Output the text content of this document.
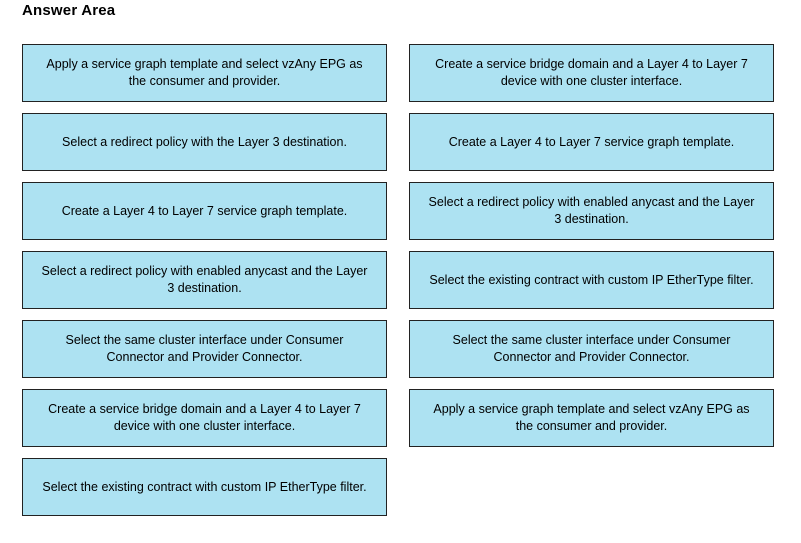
Answer Area
Apply a service graph template and select vzAny EPG as the consumer and provider.
Select a redirect policy with the Layer 3 destination.
Create a Layer 4 to Layer 7 service graph template.
Select a redirect policy with enabled anycast and the Layer 3 destination.
Select the same cluster interface under Consumer Connector and Provider Connector.
Create a service bridge domain and a Layer 4 to Layer 7 device with one cluster interface.
Select the existing contract with custom IP EtherType filter.
Create a service bridge domain and a Layer 4 to Layer 7 device with one cluster interface.
Create a Layer 4 to Layer 7 service graph template.
Select a redirect policy with enabled anycast and the Layer 3 destination.
Select the existing contract with custom IP EtherType filter.
Select the same cluster interface under Consumer Connector and Provider Connector.
Apply a service graph template and select vzAny EPG as the consumer and provider.
